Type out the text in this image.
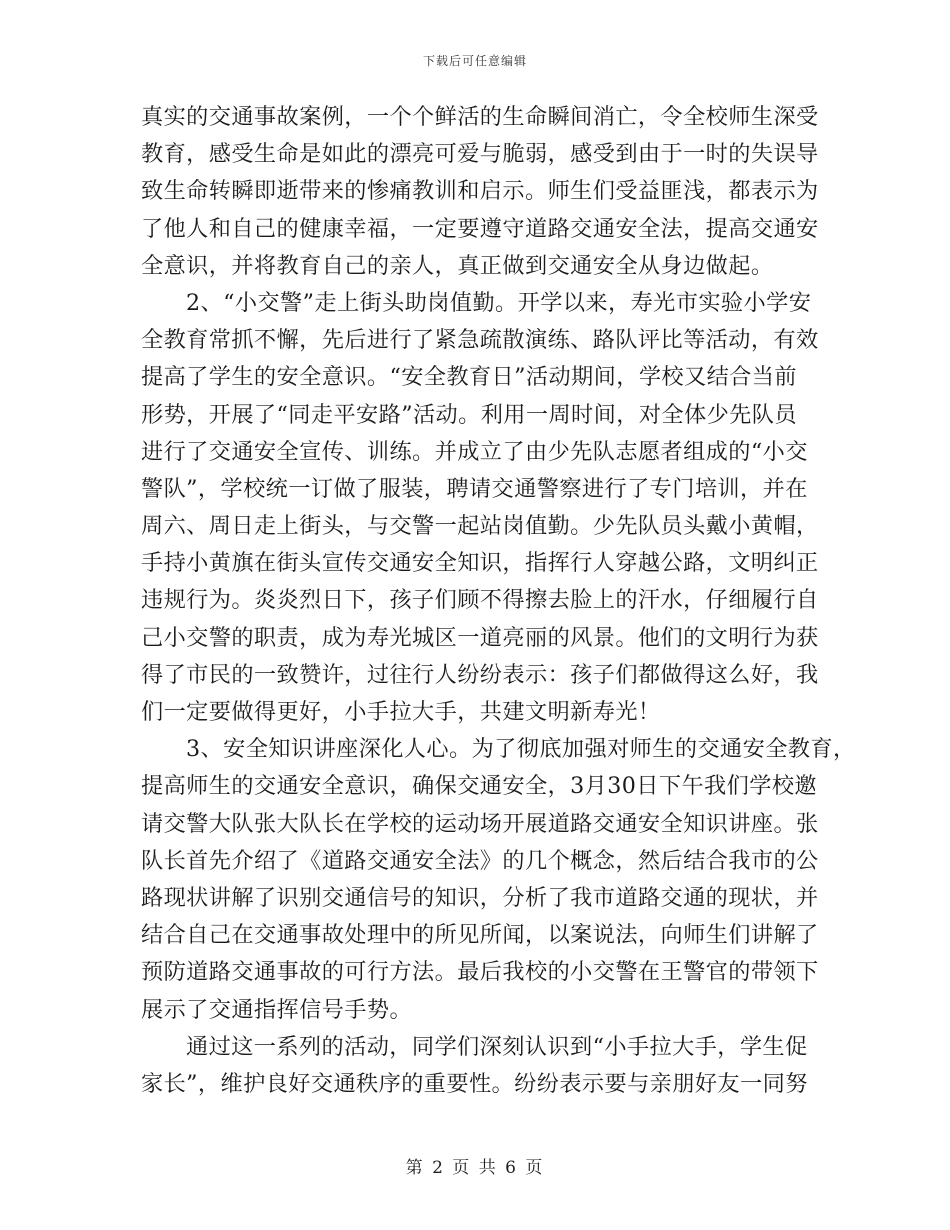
下载后可任意编辑
真实的交通事故案例，一个个鲜活的生命瞬间消亡，令全校师生深受
教育，感受生命是如此的漂亮可爱与脆弱，感受到由于一时的失误导
致生命转瞬即逝带来的惨痛教训和启示。师生们受益匪浅，都表示为
了他人和自己的健康幸福，一定要遵守道路交通安全法，提高交通安
全意识，并将教育自己的亲人，真正做到交通安全从身边做起。
2、“小交警”走上街头助岗值勤。开学以来，寿光市实验小学安
全教育常抓不懈，先后进行了紧急疏散演练、路队评比等活动，有效
提高了学生的安全意识。“安全教育日”活动期间，学校又结合当前
形势，开展了“同走平安路”活动。利用一周时间，对全体少先队员
进行了交通安全宣传、训练。并成立了由少先队志愿者组成的“小交
警队”，学校统一订做了服装，聘请交通警察进行了专门培训，并在
周六、周日走上街头，与交警一起站岗值勤。少先队员头戴小黄帽，
手持小黄旗在街头宣传交通安全知识，指挥行人穿越公路，文明纠正
违规行为。炎炎烈日下，孩子们顾不得擦去脸上的汗水，仔细履行自
己小交警的职责，成为寿光城区一道亮丽的风景。他们的文明行为获
得了市民的一致赞许，过往行人纷纷表示：孩子们都做得这么好，我
们一定要做得更好，小手拉大手，共建文明新寿光！
3、安全知识讲座深化人心。为了彻底加强对师生的交通安全教育，
提高师生的交通安全意识，确保交通安全，3月30日下午我们学校邀
请交警大队张大队长在学校的运动场开展道路交通安全知识讲座。张
队长首先介绍了《道路交通安全法》的几个概念，然后结合我市的公
路现状讲解了识别交通信号的知识，分析了我市道路交通的现状，并
结合自己在交通事故处理中的所见所闻，以案说法，向师生们讲解了
预防道路交通事故的可行方法。最后我校的小交警在王警官的带领下
展示了交通指挥信号手势。
通过这一系列的活动，同学们深刻认识到“小手拉大手，学生促
家长”，维护良好交通秩序的重要性。纷纷表示要与亲朋好友一同努
第 2 页 共 6 页
